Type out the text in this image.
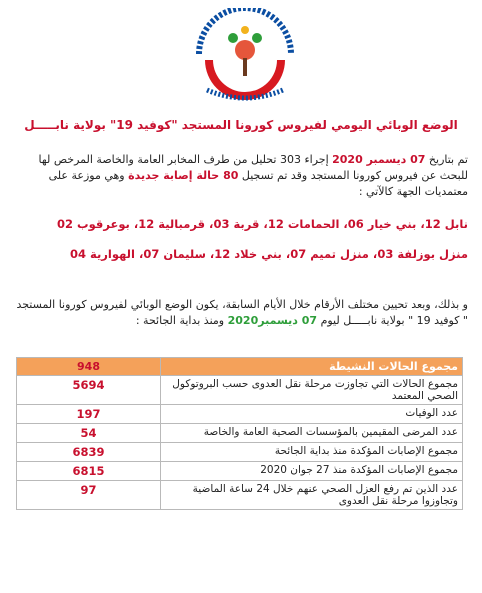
الوضع الوبائي اليومي لفيروس كورونا المستجد "كوفيد 19" بولاية نابـــــل
تم بتاريخ 07 ديسمبر 2020 إجراء 303 تحليل من طرف المخابر العامة والخاصة المرخص لها للبحث عن فيروس كورونا المستجد وقد تم تسجيل 80 حالة إصابة جديدة وهي موزعة على معتمديات الجهة كالآتي :
نابل 12، بني خيار 06، الحمامات 12، قربة 03، قرمبالية 12، بوعرقوب 02
منزل بوزلفة 03، منزل تميم 07، بني خلاد 12، سليمان 07، الهوارية 04
و بذلك، وبعد تحيين مختلف الأرقام خلال الأيام السابقة، يكون الوضع الوبائي لفيروس كورونا المستجد " كوفيد 19 " بولاية نابـــــل ليوم 07 ديسمبر2020 ومنذ بداية الجائحة :
مجموع الحالات النشيطة	948
مجموع الحالات التي تجاوزت مرحلة نقل العدوى حسب البروتوكول الصحي المعتمد	5694
عدد الوفيات	197
عدد المرضى المقيمين بالمؤسسات الصحية العامة والخاصة	54
مجموع الإصابات المؤكدة منذ بداية الجائحة	6839
مجموع الإصابات المؤكدة منذ 27 جوان 2020	6815
عدد الذين تم رفع العزل الصحي عنهم خلال 24 ساعة الماضية وتجاوزوا مرحلة نقل العدوى	97
